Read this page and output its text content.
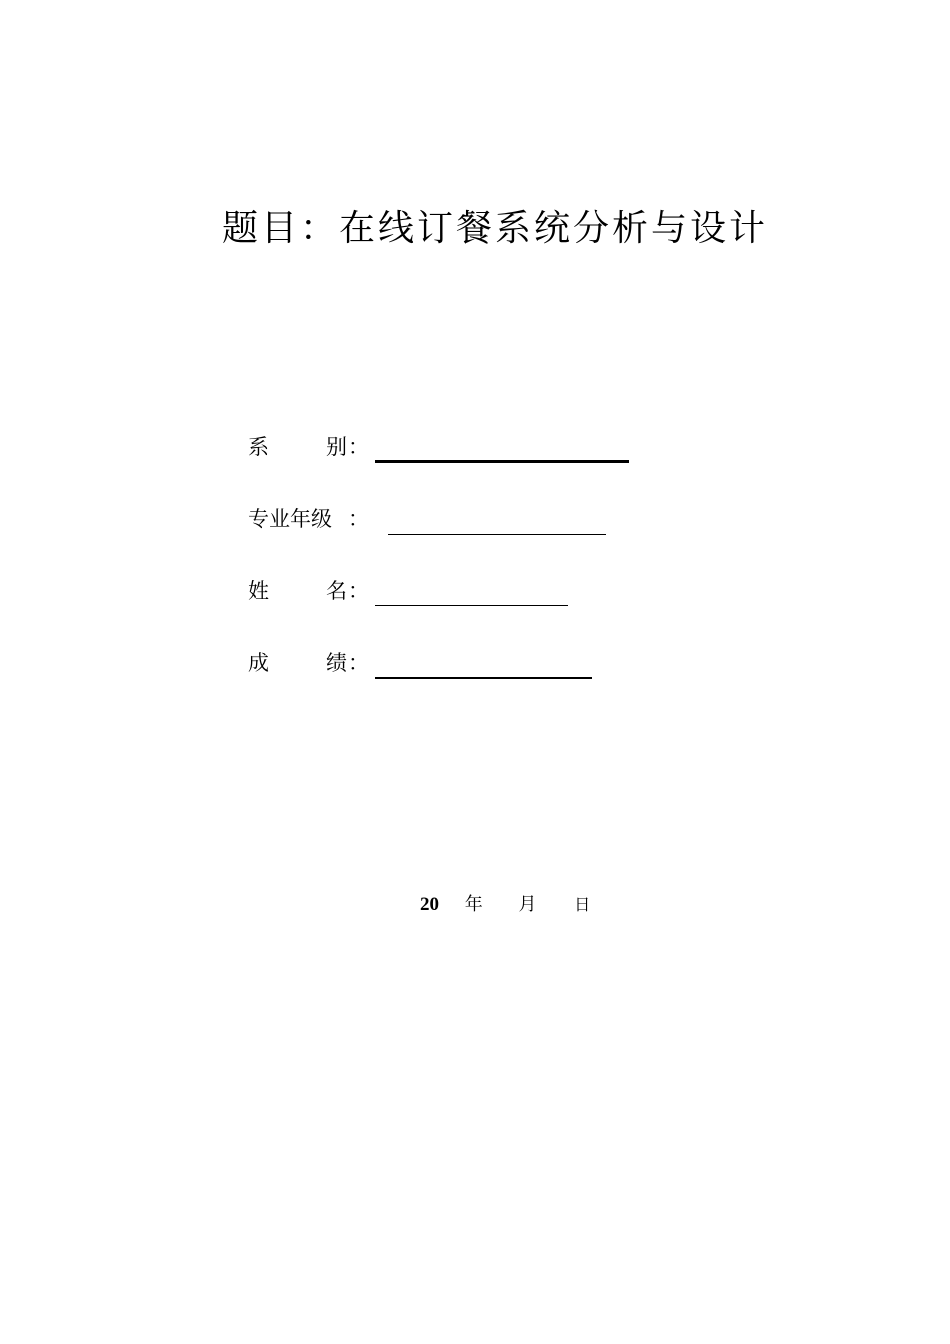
题目：在线订餐系统分析与设计
系	别 ：
专业年级 ：
姓	名 ：
成	绩 ：
20 年 月 日
